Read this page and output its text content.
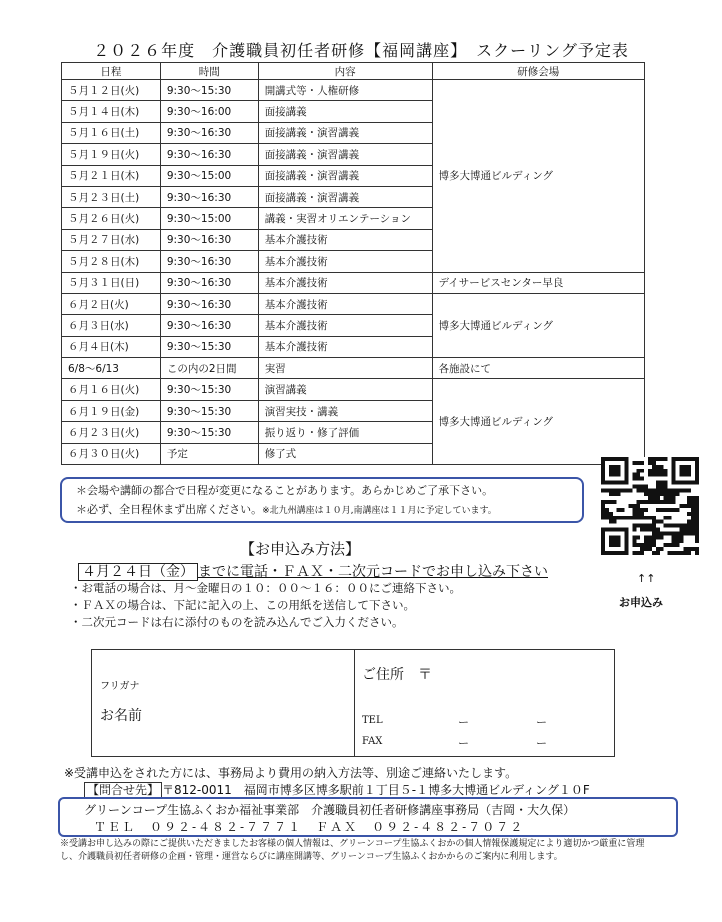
２０２６年度　介護職員初任者研修【福岡講座】　スクーリング予定表
日程	時間	内容	研修会場
５月１２日(火)	9:30～15:30	開講式等・人権研修	博多大博通ビルディング
５月１４日(木)	9:30～16:00	面接講義	
５月１６日(土)	9:30～16:30	面接講義・演習講義	
５月１９日(火)	9:30～16:30	面接講義・演習講義	
５月２１日(木)	9:30～15:00	面接講義・演習講義	
５月２３日(土)	9:30～16:30	面接講義・演習講義	
５月２６日(火)	9:30～15:00	講義・実習オリエンテーション	
５月２７日(水)	9:30～16:30	基本介護技術	
５月２８日(木)	9:30～16:30	基本介護技術	
５月３１日(日)	9:30～16:30	基本介護技術	デイサービスセンター早良
６月２日(火)	9:30～16:30	基本介護技術	博多大博通ビルディング
６月３日(水)	9:30～16:30	基本介護技術	
６月４日(木)	9:30～15:30	基本介護技術	
6/8～6/13	この内の2日間	実習	各施設にて
６月１６日(火)	9:30～15:30	演習講義	博多大博通ビルディング
６月１９日(金)	9:30～15:30	演習実技・講義	
６月２３日(火)	9:30～15:30	振り返り・修了評価	
６月３０日(火)	予定	修了式	
＊会場や講師の都合で日程が変更になることがあります。あらかじめご了承下さい。
＊必ず、全日程休まず出席ください。※北九州講座は１０月,南講座は１１月に予定しています。
【お申込み方法】
４月２４日（金） までに電話・ＦＡＸ・二次元コードでお申し込み下さい	↑↑
お申込み
・ お電話の場合は、月～金曜日の１０：００～１６：００にご連絡下さい。
・ ＦＡＸの場合は、下記に記入の上、この用紙を送信して下さい。
・ 二次元コードは右に添付のものを読み込んでご入力ください。
フリガナ
お名前
ご住所　〒
TEL
FAX
ー	ー
ー	ー
※受講申込をされた方には、事務局より費用の納入方法等、別途ご連絡いたします。
【問合せ先】 〒812-0011　福岡市博多区博多駅前１丁目５-１博多大博通ビルディング１０F
グリーンコープ生協ふくおか福祉事業部　介護職員初任者研修講座事務局（吉岡・大久保）
ＴＥＬ　０９２-４８２-７７７１　ＦＡＸ　０９２-４８２-７０７２
※受講お申し込みの際にご提供いただきましたお客様の個人情報は、グリーンコープ生協ふくおかの個人情報保護規定により適切かつ厳重に管理し、介護職員初任者研修の企画・管理・運営ならびに講座開講等、グリーンコープ生協ふくおかからのご案内に利用します。
